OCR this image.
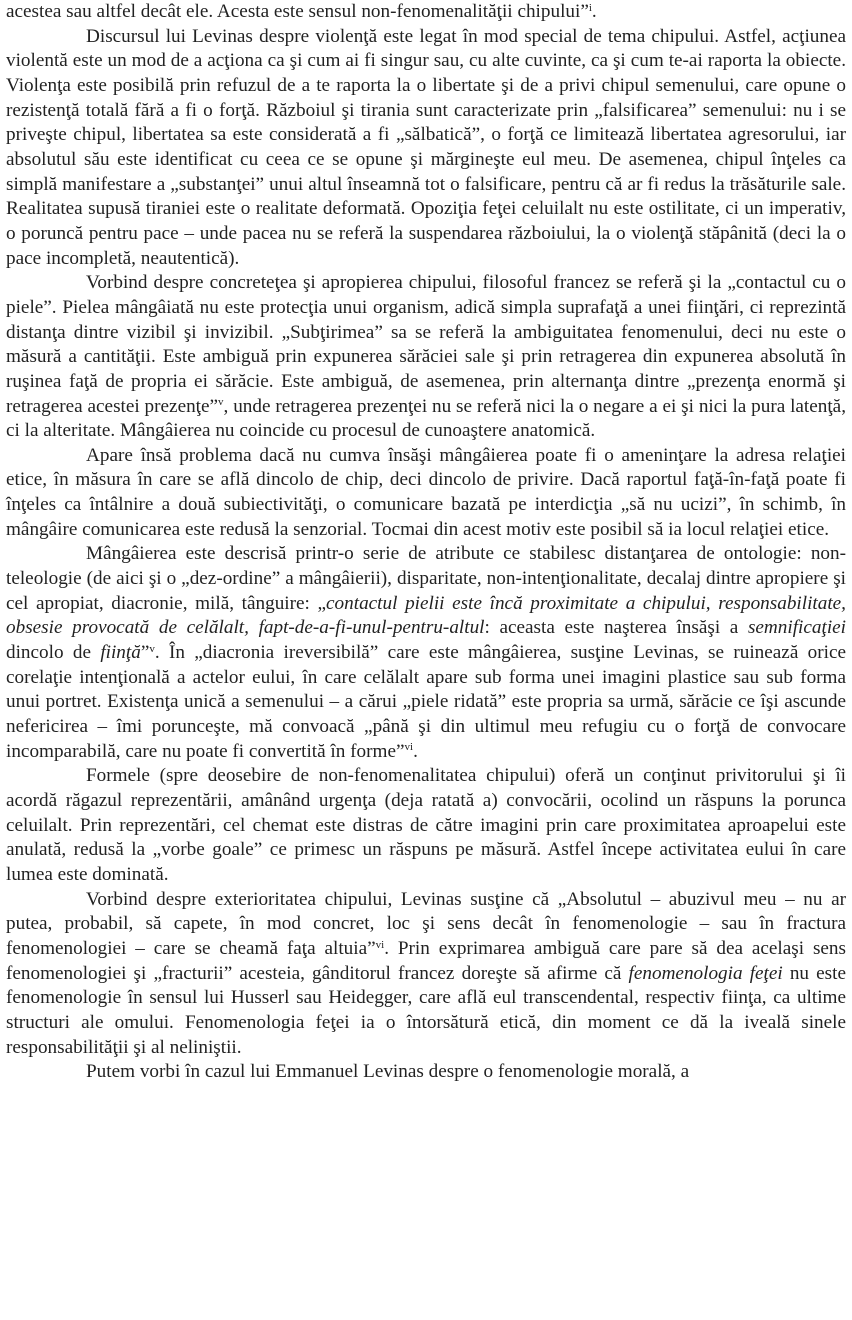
acestea sau altfel decât ele. Acesta este sensul non-fenomenalităţii chipului”$^i$.

Discursul lui Levinas despre violenţă este legat în mod special de tema chipului. Astfel, acţiunea violentă este un mod de a acţiona ca şi cum ai fi singur sau, cu alte cuvinte, ca şi cum te-ai raporta la obiecte. Violenţa este posibilă prin refuzul de a te raporta la o libertate şi de a privi chipul semenului, care opune o rezistenţă totală fără a fi o forţă. Războiul şi tirania sunt caracterizate prin „falsificarea” semenului: nu i se priveşte chipul, libertatea sa este considerată a fi „sălbatică”, o forţă ce limitează libertatea agresorului, iar absolutul său este identificat cu ceea ce se opune şi mărgineşte eul meu. De asemenea, chipul înţeles ca simplă manifestare a „substanţei” unui altul înseamnă tot o falsificare, pentru că ar fi redus la trăsăturile sale. Realitatea supusă tiraniei este o realitate deformată. Opoziţia feţei celuilalt nu este ostilitate, ci un imperativ, o poruncă pentru pace – unde pacea nu se referă la suspendarea războiului, la o violenţă stăpânită (deci la o pace incompletă, neautentică).

Vorbind despre concreteţea şi apropierea chipului, filosoful francez se referă şi la „contactul cu o piele”. Pielea mângâiată nu este protecţia unui organism, adică simpla suprafaţă a unei fiinţări, ci reprezintă distanţa dintre vizibil şi invizibil. „Subţirimea” sa se referă la ambiguitatea fenomenului, deci nu este o măsură a cantităţii. Este ambiguă prin expunerea sărăciei sale şi prin retragerea din expunerea absolută în ruşinea faţă de propria ei sărăcie. Este ambiguă, de asemenea, prin alternanţa dintre „prezenţa enormă şi retragerea acestei prezenţe”$^v$, unde retragerea prezenţei nu se referă nici la o negare a ei şi nici la pura latenţă, ci la alteritate. Mângâierea nu coincide cu procesul de cunoaştere anatomică.

Apare însă problema dacă nu cumva însăşi mângâierea poate fi o ameninţare la adresa relaţiei etice, în măsura în care se află dincolo de chip, deci dincolo de privire. Dacă raportul faţă-în-faţă poate fi înţeles ca întâlnire a două subiectivităţi, o comunicare bazată pe interdicţia „să nu ucizi”, în schimb, în mângâire comunicarea este redusă la senzorial. Tocmai din acest motiv este posibil să ia locul relaţiei etice.

Mângâierea este descrisă printr-o serie de atribute ce stabilesc distanţarea de ontologie: non-teleologie (de aici şi o „dez-ordine” a mângâierii), disparitate, non-intenţionalitate, decalaj dintre apropiere şi cel apropiat, diacronie, milă, tânguire: „contactul pielii este încă proximitate a chipului, responsabilitate, obsesie provocată de celălalt, fapt-de-a-fi-unul-pentru-altul: aceasta este naşterea însăşi a semnificaţiei dincolo de fiinţă”$^v$. În „diacronia ireversibilă” care este mângâierea, susţine Levinas, se ruinează orice corelaţie intenţională a actelor eului, în care celălalt apare sub forma unei imagini plastice sau sub forma unui portret. Existenţa unică a semenului – a cărui „piele ridată” este propria sa urmă, sărăcie ce îşi ascunde nefericirea – îmi porunceşte, mă convoacă „până şi din ultimul meu refugiu cu o forţă de convocare incomparabilă, care nu poate fi convertită în forme”$^{vi}$.

Formele (spre deosebire de non-fenomenalitatea chipului) oferă un conţinut privitorului şi îi acordă răgazul reprezentării, amânând urgenţa (deja ratată a) convocării, ocolind un răspuns la porunca celuilalt. Prin reprezentări, cel chemat este distras de către imagini prin care proximitatea aproapelui este anulată, redusă la „vorbe goale” ce primesc un răspuns pe măsură. Astfel începe activitatea eului în care lumea este dominată.

Vorbind despre exterioritatea chipului, Levinas susţine că „Absolutul – abuzivul meu – nu ar putea, probabil, să capete, în mod concret, loc şi sens decât în fenomenologie – sau în fractura fenomenologiei – care se cheamă faţa altuia”$^{vi}$. Prin exprimarea ambiguă care pare să dea acelaşi sens fenomenologiei şi „fracturii” acesteia, gânditorul francez doreşte să afirme că fenomenologia feţei nu este fenomenologie în sensul lui Husserl sau Heidegger, care află eul transcendental, respectiv fiinţa, ca ultime structuri ale omului. Fenomenologia feţei ia o întorsătură etică, din moment ce dă la iveală sinele responsabilităţii şi al neliniştii.

Putem vorbi în cazul lui Emmanuel Levinas despre o fenomenologie morală, a
